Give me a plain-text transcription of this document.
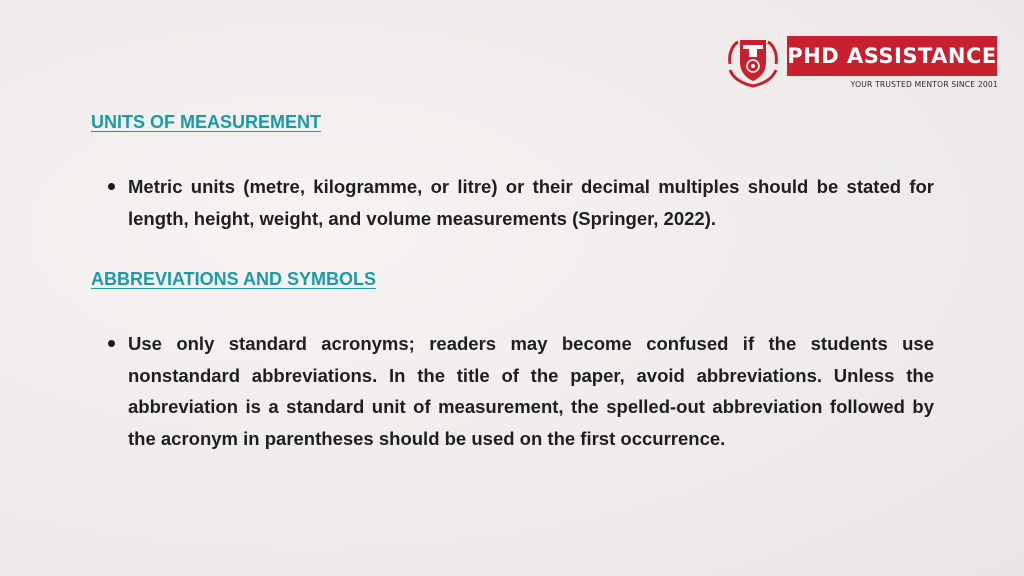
PHD ASSISTANCE
YOUR TRUSTED MENTOR SINCE 2001
UNITS OF MEASUREMENT

Metric units (metre, kilogramme, or litre) or their decimal multiples should be stated for length, height, weight, and volume measurements (Springer, 2022).

ABBREVIATIONS AND SYMBOLS

Use only standard acronyms; readers may become confused if the students use nonstandard abbreviations. In the title of the paper, avoid abbreviations. Unless the abbreviation is a standard unit of measurement, the spelled-out abbreviation followed by the acronym in parentheses should be used on the first occurrence.
